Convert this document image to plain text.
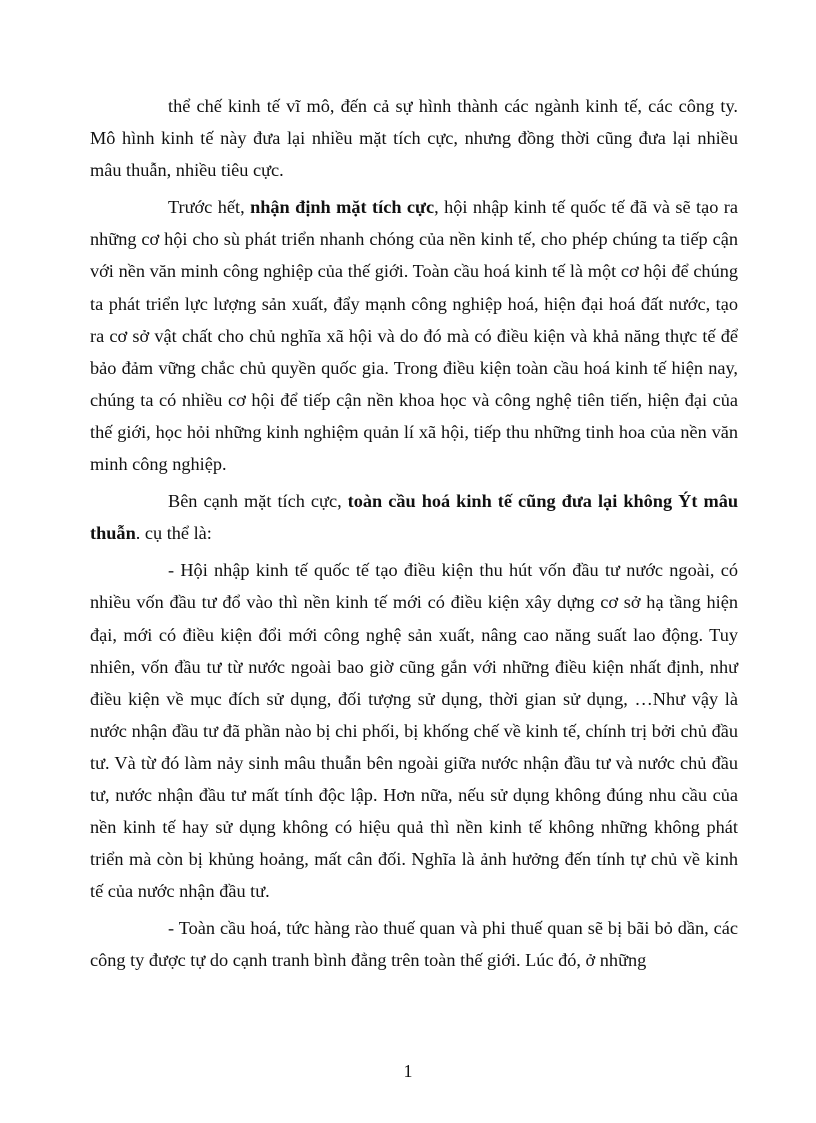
thể chế kinh tế vĩ mô, đến cả sự hình thành các ngành kinh tế, các công ty. Mô hình kinh tế này đưa lại nhiều mặt tích cực, nhưng đồng thời cũng đưa lại nhiều mâu thuẫn, nhiều tiêu cực.

Trước hết, nhận định mặt tích cực, hội nhập kinh tế quốc tế đã và sẽ tạo ra những cơ hội cho sù phát triển nhanh chóng của nền kinh tế, cho phép chúng ta tiếp cận với nền văn minh công nghiệp của thế giới. Toàn cầu hoá kinh tế là một cơ hội để chúng ta phát triển lực lượng sản xuất, đẩy mạnh công nghiệp hoá, hiện đại hoá đất nước, tạo ra cơ sở vật chất cho chủ nghĩa xã hội và do đó mà có điều kiện và khả năng thực tế để bảo đảm vững chắc chủ quyền quốc gia. Trong điều kiện toàn cầu hoá kinh tế hiện nay, chúng ta có nhiều cơ hội để tiếp cận nền khoa học và công nghệ tiên tiến, hiện đại của thế giới, học hỏi những kinh nghiệm quản lí xã hội, tiếp thu những tinh hoa của nền văn minh công nghiệp.

Bên cạnh mặt tích cực, toàn cầu hoá kinh tế cũng đưa lại không Ýt mâu thuẫn. cụ thể là:

- Hội nhập kinh tế quốc tế tạo điều kiện thu hút vốn đầu tư nước ngoài, có nhiều vốn đầu tư đổ vào thì nền kinh tế mới có điều kiện xây dựng cơ sở hạ tầng hiện đại, mới có điều kiện đổi mới công nghệ sản xuất, nâng cao năng suất lao động. Tuy nhiên, vốn đầu tư từ nước ngoài bao giờ cũng gắn với những điều kiện nhất định, như điều kiện về mục đích sử dụng, đối tượng sử dụng, thời gian sử dụng, …Như vậy là nước nhận đầu tư đã phần nào bị chi phối, bị khống chế về kinh tế, chính trị bởi chủ đầu tư. Và từ đó làm nảy sinh mâu thuẫn bên ngoài giữa nước nhận đầu tư và nước chủ đầu tư, nước nhận đầu tư mất tính độc lập. Hơn nữa, nếu sử dụng không đúng nhu cầu của nền kinh tế hay sử dụng không có hiệu quả thì nền kinh tế không những không phát triển mà còn bị khủng hoảng, mất cân đối. Nghĩa là ảnh hưởng đến tính tự chủ về kinh tế của nước nhận đầu tư.

- Toàn cầu hoá, tức hàng rào thuế quan và phi thuế quan sẽ bị bãi bỏ dần, các công ty được tự do cạnh tranh bình đẳng trên toàn thế giới. Lúc đó, ở những

1
